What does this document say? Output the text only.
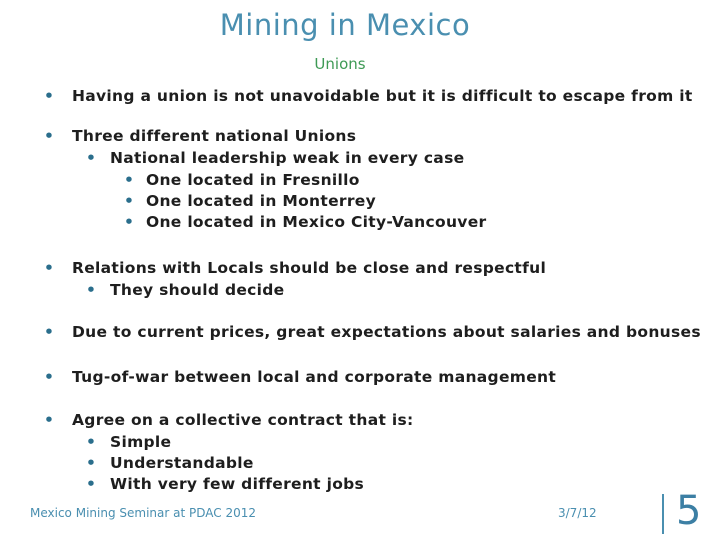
Mining in Mexico
Unions
• Having a union is not unavoidable but it is difficult to escape from it
• Three different national Unions
• National leadership weak in every case
• One located in Fresnillo
• One located in Monterrey
• One located in Mexico City-Vancouver
• Relations with Locals should be close and respectful
• They should decide
• Due to current prices, great expectations about salaries and bonuses
• Tug-of-war between local and corporate management
• Agree on a collective contract that is:
• Simple
• Understandable
• With very few different jobs
Mexico Mining Seminar at PDAC 2012	3/7/12 5
